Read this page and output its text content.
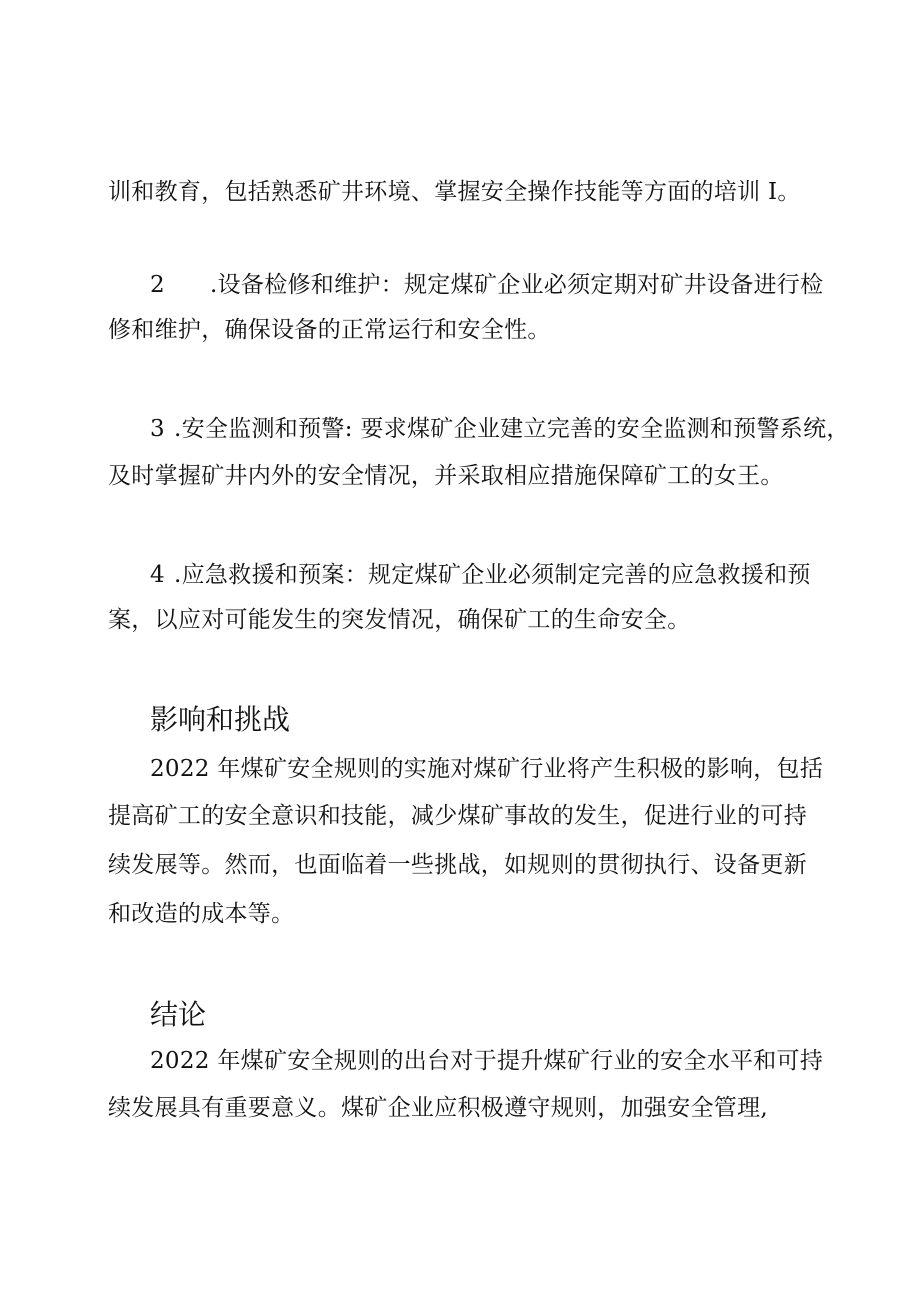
训和教育，包括熟悉矿井环境、掌握安全操作技能等方面的培训 I。
2 .设备检修和维护：规定煤矿企业必须定期对矿井设备进行检
修和维护，确保设备的正常运行和安全性。
3 .安全监测和预警: 要求煤矿企业建立完善的安全监测和预警系统，
及时掌握矿井内外的安全情况，并采取相应措施保障矿工的女王。
4 .应急救援和预案：规定煤矿企业必须制定完善的应急救援和预
案，以应对可能发生的突发情况，确保矿工的生命安全。
影响和挑战
2022 年煤矿安全规则的实施对煤矿行业将产生积极的影响，包括
提高矿工的安全意识和技能，减少煤矿事故的发生，促进行业的可持
续发展等。然而，也面临着一些挑战，如规则的贯彻执行、设备更新
和改造的成本等。
结论
2022 年煤矿安全规则的出台对于提升煤矿行业的安全水平和可持
续发展具有重要意义。煤矿企业应积极遵守规则，加强安全管理,
